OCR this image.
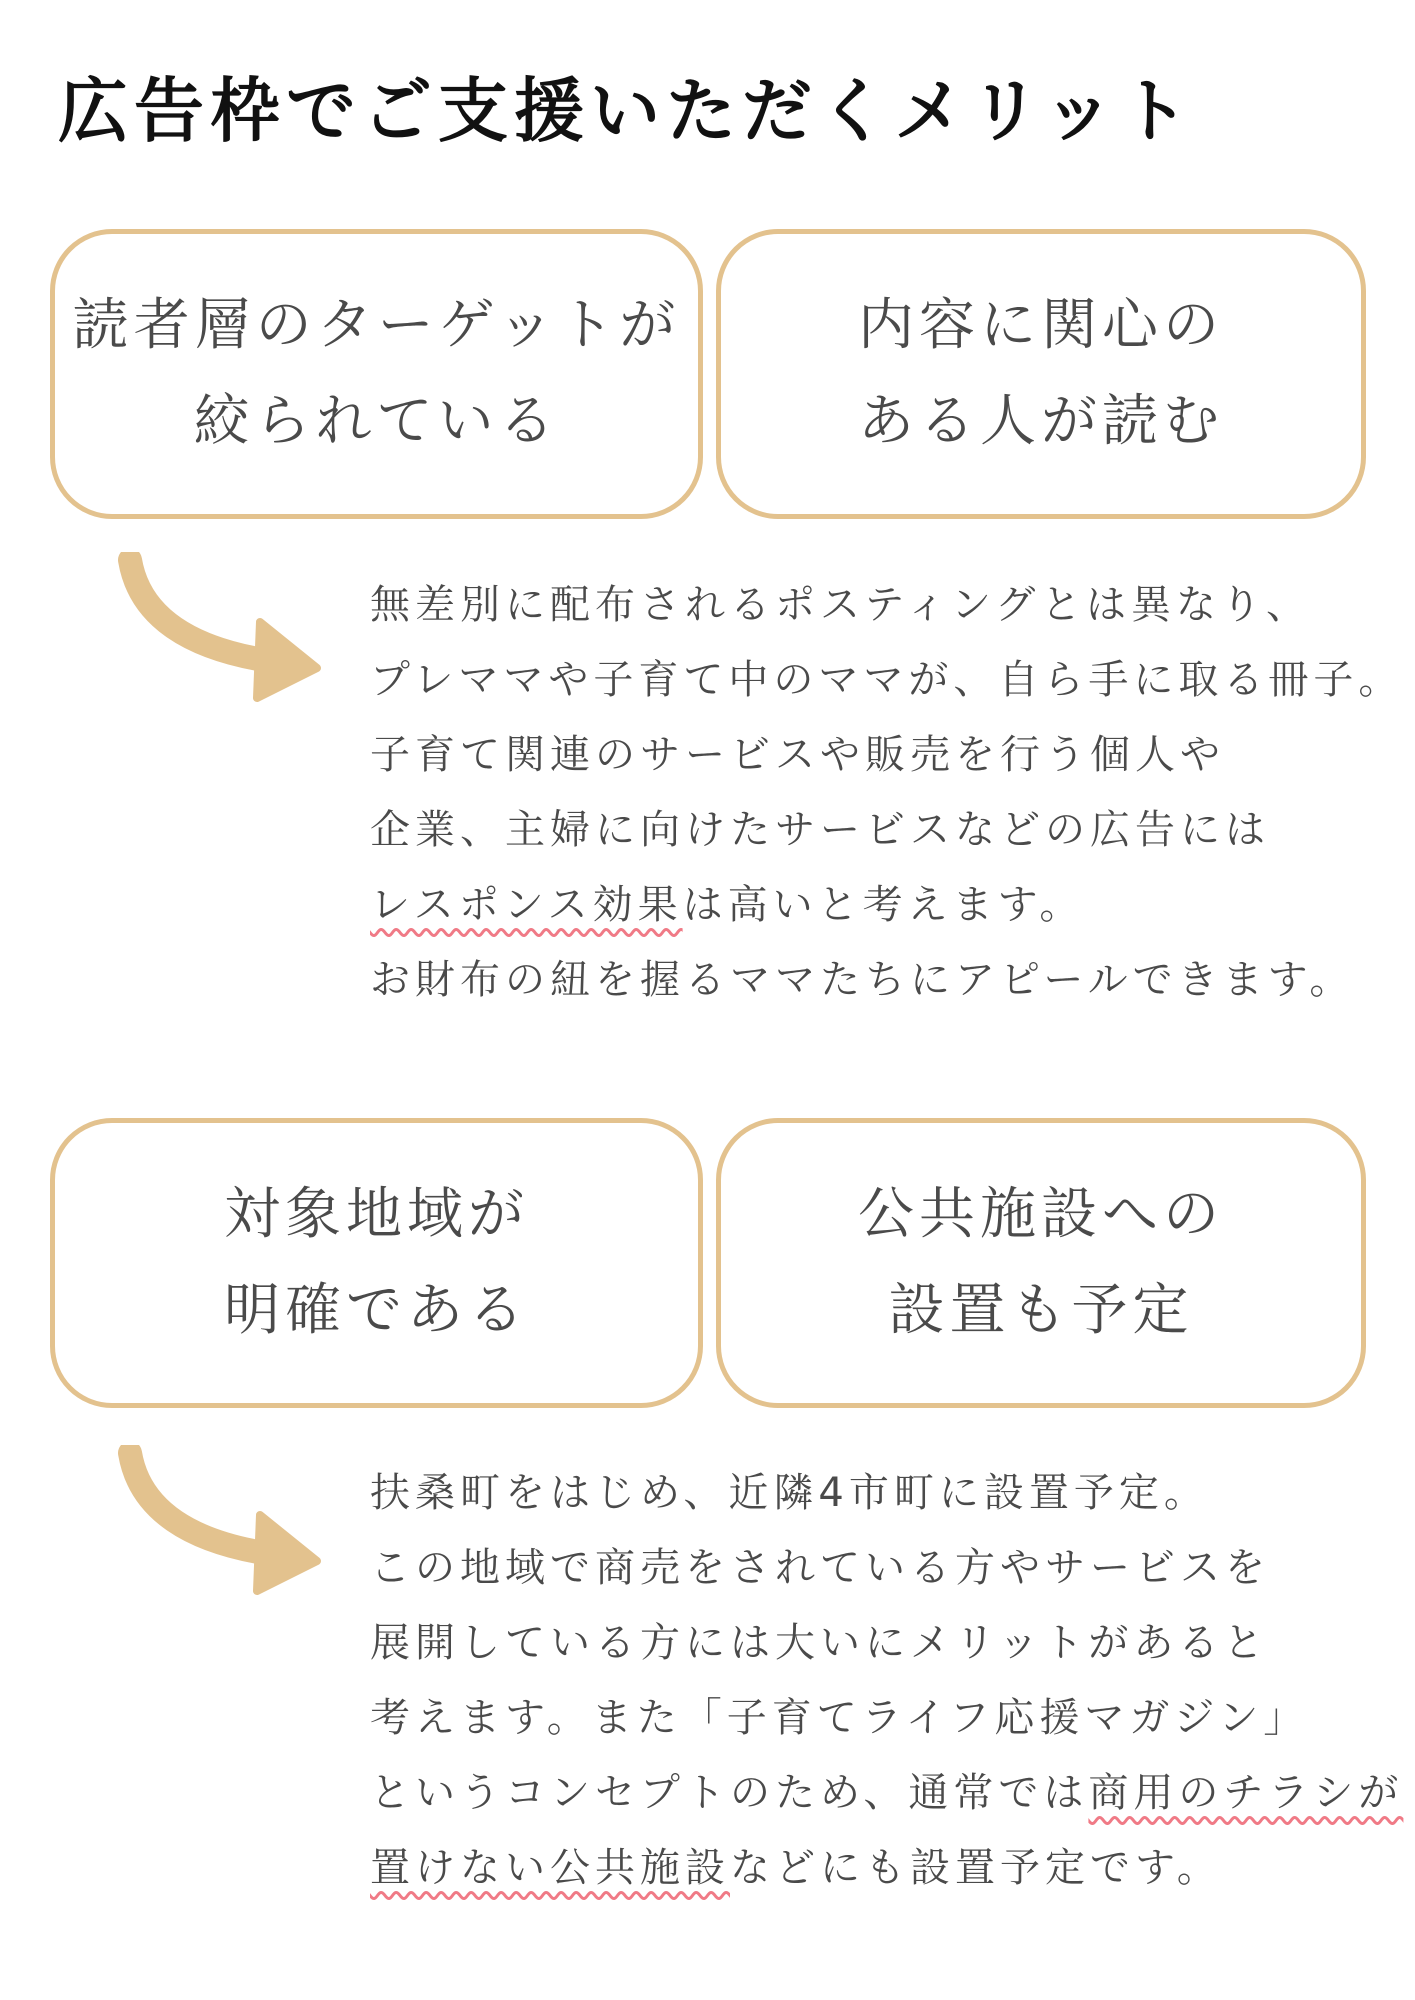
広告枠でご支援いただくメリット
読者層のターゲットが
絞られている
内容に関心の
ある人が読む
無差別に配布されるポスティングとは異なり、
プレママや子育て中のママが、自ら手に取る冊子。
子育て関連のサービスや販売を行う個人や
企業、主婦に向けたサービスなどの広告には
レスポンス効果は高いと考えます。
お財布の紐を握るママたちにアピールできます。
対象地域が
明確である
公共施設への
設置も予定
扶桑町をはじめ、近隣4市町に設置予定。
この地域で商売をされている方やサービスを
展開している方には大いにメリットがあると
考えます。また「子育てライフ応援マガジン」
というコンセプトのため、通常では商用のチラシが
置けない公共施設などにも設置予定です。
